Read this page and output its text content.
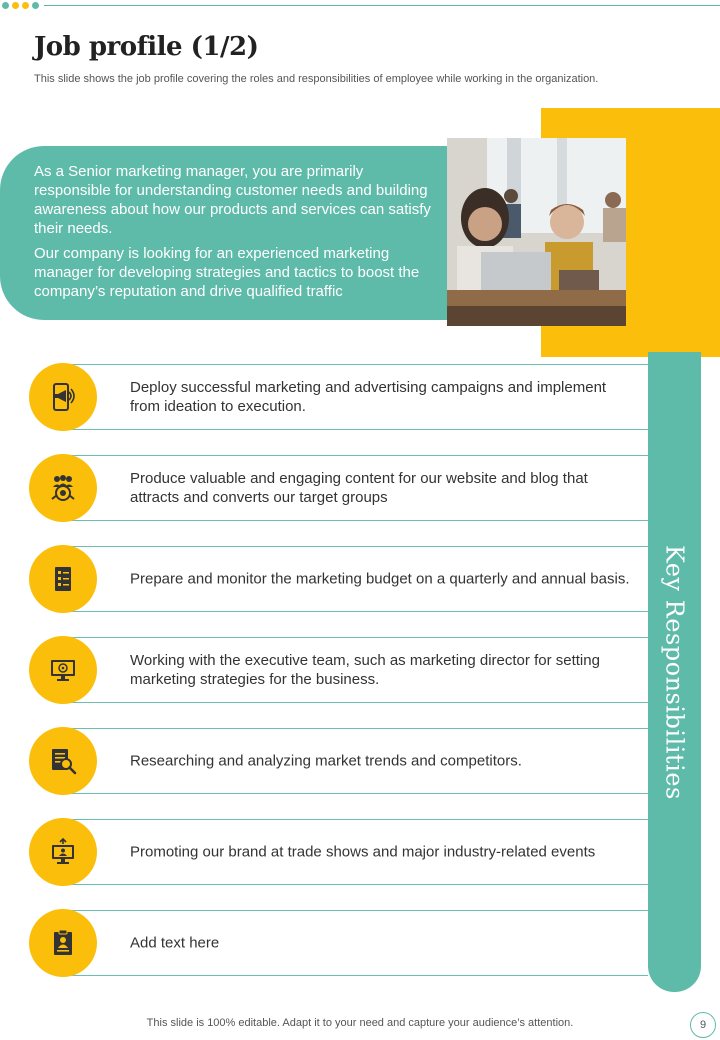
Job profile (1/2)
This slide shows the job profile covering the roles and responsibilities of employee while working in the organization.

As a Senior marketing manager, you are primarily responsible for understanding customer needs and building awareness about how our products and services can satisfy their needs.

Our company is looking for an experienced marketing manager for developing strategies and tactics to boost the company’s reputation and drive qualified traffic

Key Responsibilities
Deploy successful marketing and advertising campaigns and implement from ideation to execution.
Produce valuable and engaging content for our website and blog that attracts and converts our target groups
Prepare and monitor the marketing budget on a quarterly and annual basis.
Working with the executive team, such as marketing director for setting marketing strategies for the business.
Researching and analyzing market trends and competitors.
Promoting our brand at trade shows and major industry-related events
Add text here
This slide is 100% editable. Adapt it to your need and capture your audience’s attention.	9
